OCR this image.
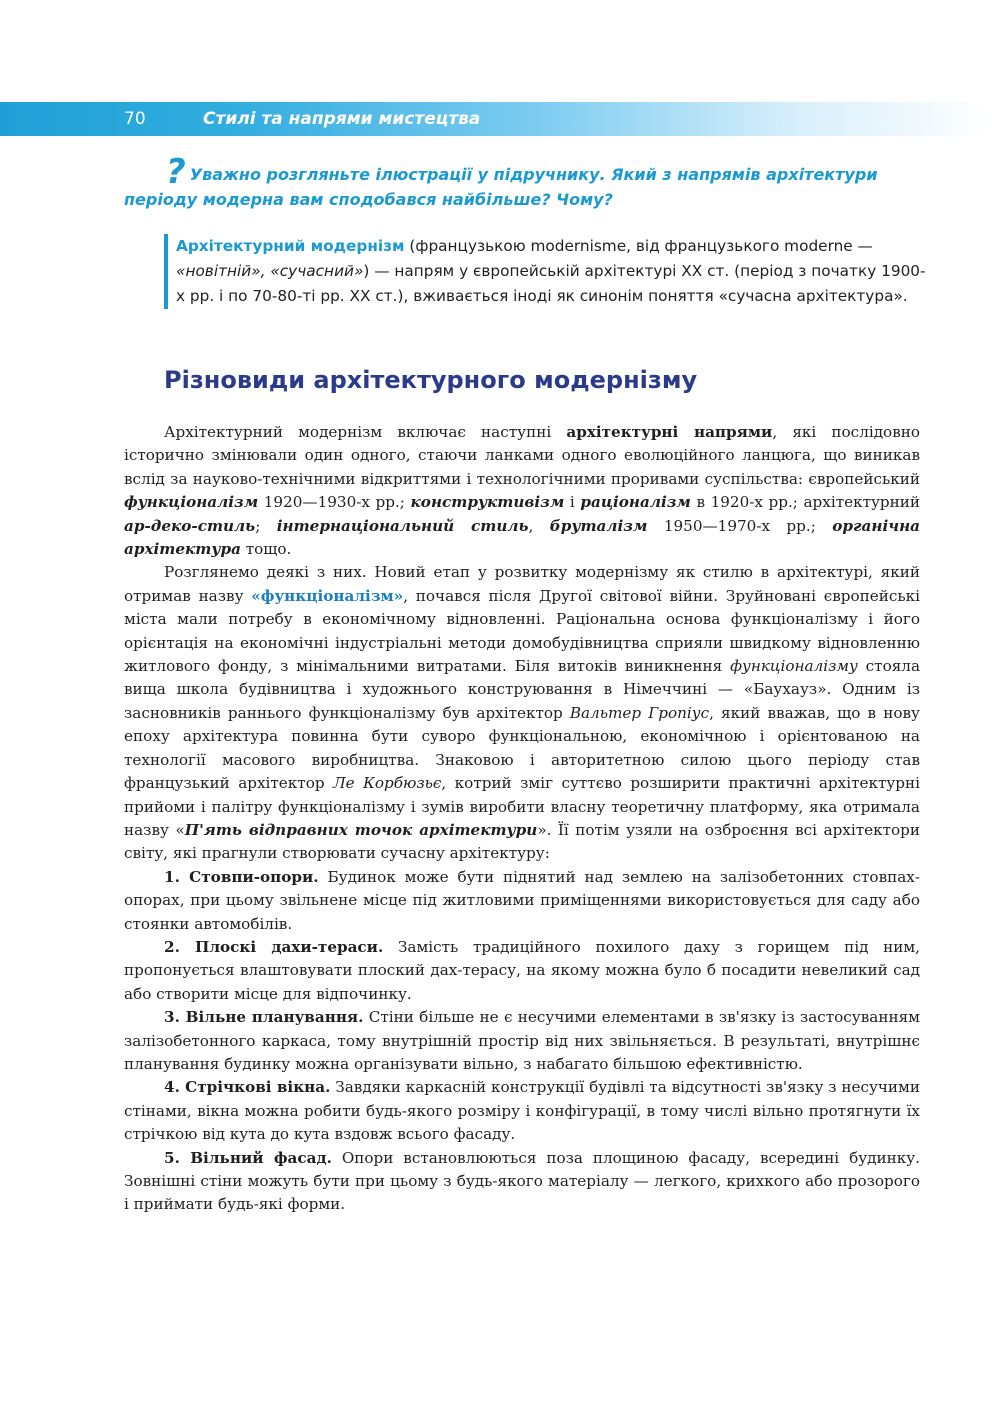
70	Стилі та напрями мистецтва
? Уважно розгляньте ілюстрації у підручнику. Який з напрямів архітектури періоду модерна вам сподобався найбільше? Чому?
Архітектурний модернізм (французькою modernisme, від французького moderne — «новітній», «сучасний») — напрям у європейській архітектурі XX ст. (період з початку 1900-х рр. і по 70-80-ті рр. XX ст.), вживається іноді як синонім поняття «сучасна архітектура».
Різновиди архітектурного модернізму

Архітектурний модернізм включає наступні архітектурні напрями, які послідовно історично змінювали один одного, стаючи ланками одного еволюційного ланцюга, що виникав вслід за науково-технічними відкриттями і технологічними проривами суспільства: європейський функціоналізм 1920—1930-х рр.; конструктивізм і раціоналізм в 1920-х рр.; архітектурний ар-деко-стиль; інтернаціональний стиль, бруталізм 1950—1970-х рр.; органічна архітектура тощо.

Розглянемо деякі з них. Новий етап у розвитку модернізму як стилю в архітектурі, який отримав назву «функціоналізм», почався після Другої світової війни. Зруйновані європейські міста мали потребу в економічному відновленні. Раціональна основа функціоналізму і його орієнтація на економічні індустріальні методи домобудівництва сприяли швидкому відновленню житлового фонду, з мінімальними витратами. Біля витоків виникнення функціоналізму стояла вища школа будівництва і художнього конструювання в Німеччині — «Баухауз». Одним із засновників раннього функціоналізму був архітектор Вальтер Гропіус, який вважав, що в нову епоху архітектура повинна бути суворо функціональною, економічною і орієнтованою на технології масового виробництва. Знаковою і авторитетною силою цього періоду став французький архітектор Ле Корбюзьє, котрий зміг суттєво розширити практичні архітектурні прийоми і палітру функціоналізму і зумів виробити власну теоретичну платформу, яка отримала назву «П'ять відправних точок архітектури». Її потім узяли на озброєння всі архітектори світу, які прагнули створювати сучасну архітектуру:

1. Стовпи-опори. Будинок може бути піднятий над землею на залізобетонних стовпах-опорах, при цьому звільнене місце під житловими приміщеннями використовується для саду або стоянки автомобілів.

2. Плоскі дахи-тераси. Замість традиційного похилого даху з горищем під ним, пропонується влаштовувати плоский дах-терасу, на якому можна було б посадити невеликий сад або створити місце для відпочинку.

3. Вільне планування. Стіни більше не є несучими елементами в зв'язку із застосуванням залізобетонного каркаса, тому внутрішній простір від них звільняється. В результаті, внутрішнє планування будинку можна організувати вільно, з набагато більшою ефективністю.

4. Стрічкові вікна. Завдяки каркасній конструкції будівлі та відсутності зв'язку з несучими стінами, вікна можна робити будь-якого розміру і конфігурації, в тому числі вільно протягнути їх стрічкою від кута до кута вздовж всього фасаду.

5. Вільний фасад. Опори встановлюються поза площиною фасаду, всередині будинку. Зовнішні стіни можуть бути при цьому з будь-якого матеріалу — легкого, крихкого або прозорого і приймати будь-які форми.
